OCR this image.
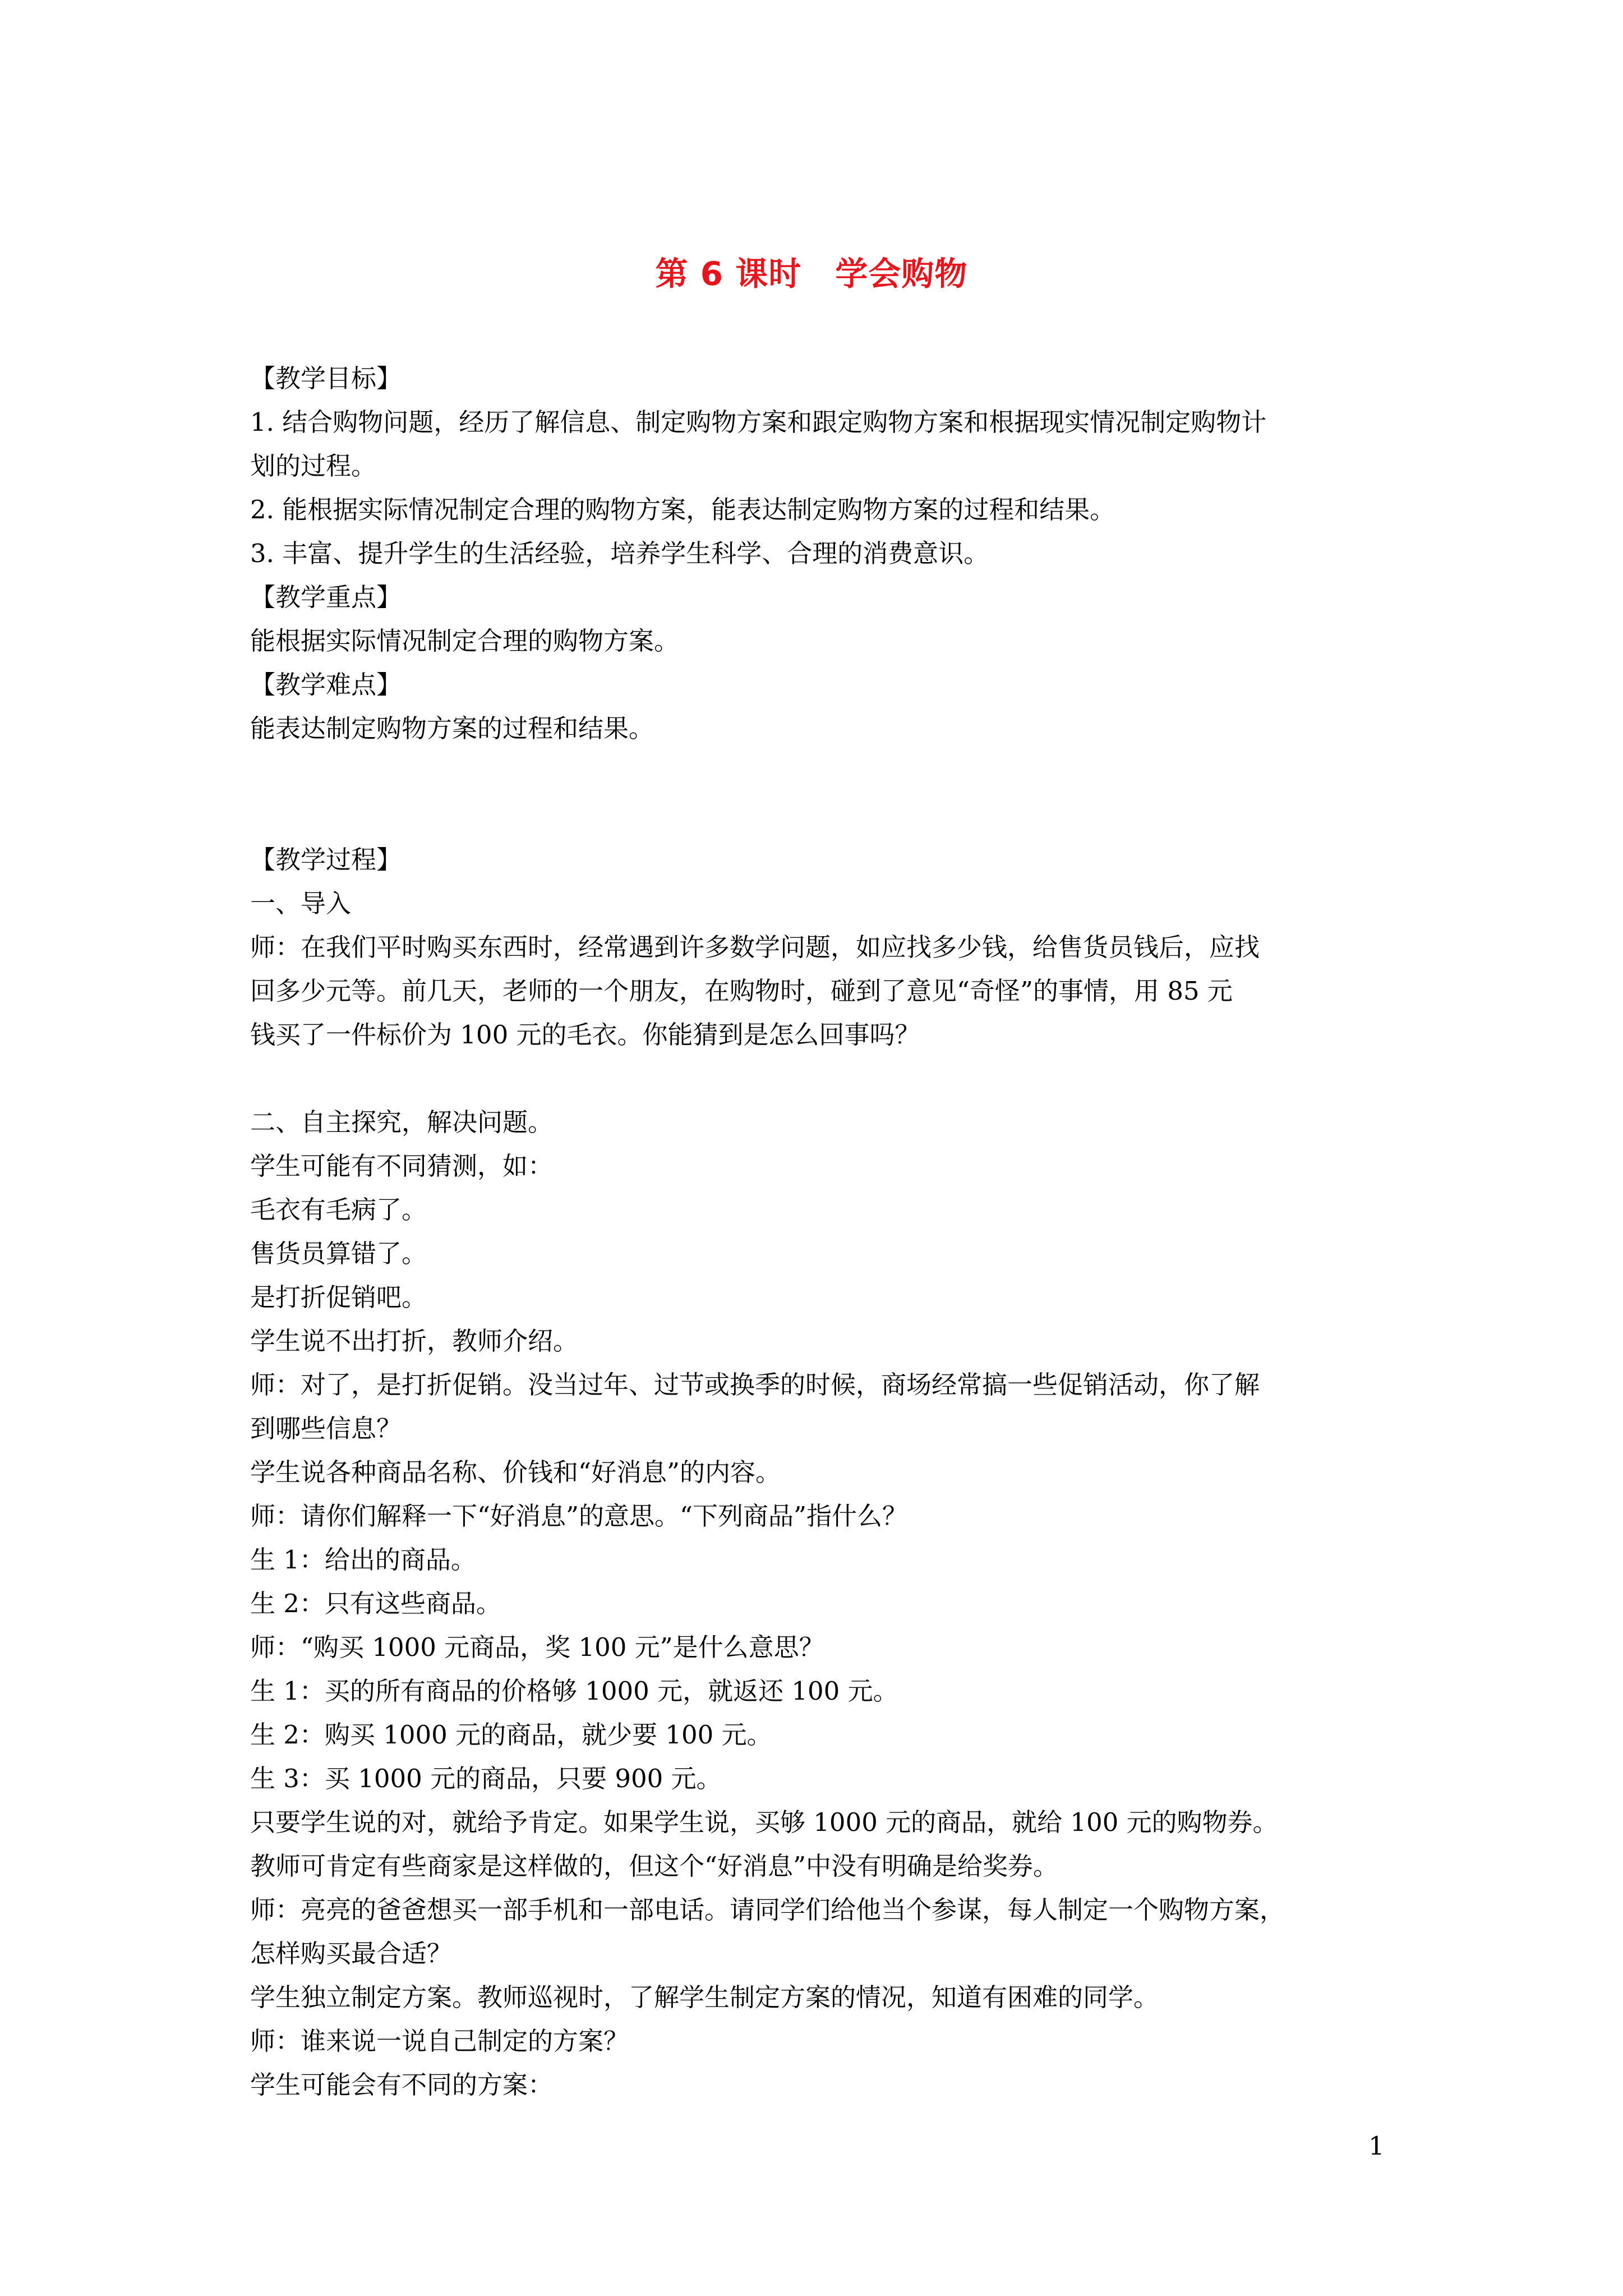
第 6 课时 学会购物

【教学目标】

1. 结合购物问题，经历了解信息、制定购物方案和跟定购物方案和根据现实情况制定购物计

划的过程。

2. 能根据实际情况制定合理的购物方案，能表达制定购物方案的过程和结果。

3. 丰富、提升学生的生活经验，培养学生科学、合理的消费意识。

【教学重点】

能根据实际情况制定合理的购物方案。

【教学难点】

能表达制定购物方案的过程和结果。

【教学过程】

一、导入

师：在我们平时购买东西时，经常遇到许多数学问题，如应找多少钱，给售货员钱后，应找

回多少元等。前几天，老师的一个朋友，在购物时，碰到了意见“奇怪”的事情，用 85 元

钱买了一件标价为 100 元的毛衣。你能猜到是怎么回事吗？

二、自主探究，解决问题。

学生可能有不同猜测，如：

毛衣有毛病了。

售货员算错了。

是打折促销吧。

学生说不出打折，教师介绍。

师：对了，是打折促销。没当过年、过节或换季的时候，商场经常搞一些促销活动，你了解

到哪些信息？

学生说各种商品名称、价钱和“好消息”的内容。

师：请你们解释一下“好消息”的意思。“下列商品”指什么？

生 1：给出的商品。

生 2：只有这些商品。

师：“购买 1000 元商品，奖 100 元”是什么意思？

生 1：买的所有商品的价格够 1000 元，就返还 100 元。

生 2：购买 1000 元的商品，就少要 100 元。

生 3：买 1000 元的商品，只要 900 元。

只要学生说的对，就给予肯定。如果学生说，买够 1000 元的商品，就给 100 元的购物券。

教师可肯定有些商家是这样做的，但这个“好消息”中没有明确是给奖券。

师：亮亮的爸爸想买一部手机和一部电话。请同学们给他当个参谋，每人制定一个购物方案，

怎样购买最合适？

学生独立制定方案。教师巡视时，了解学生制定方案的情况，知道有困难的同学。

师：谁来说一说自己制定的方案？

学生可能会有不同的方案：

1
